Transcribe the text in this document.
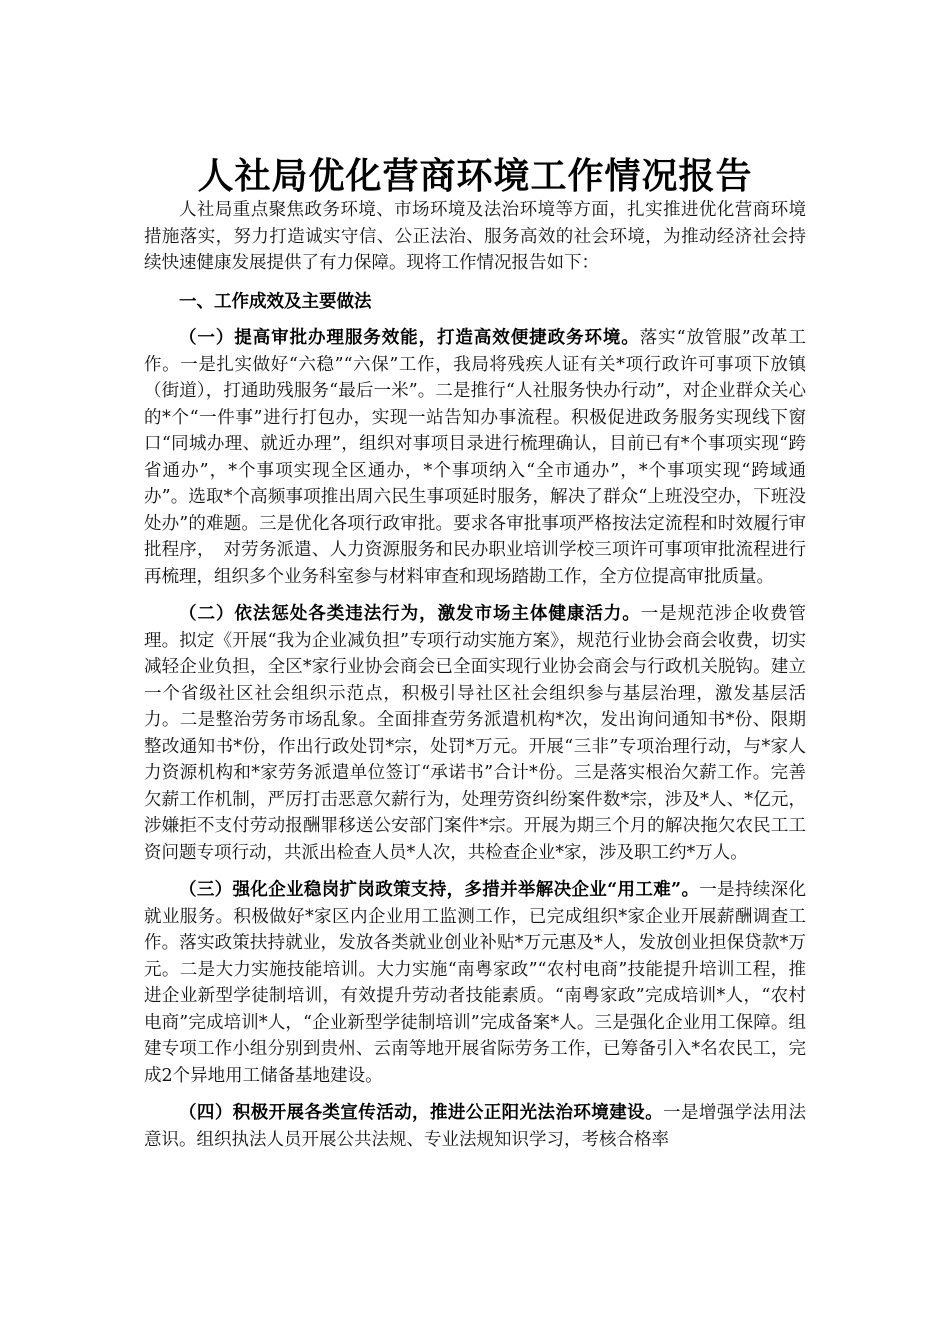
人社局优化营商环境工作情况报告

人社局重点聚焦政务环境、市场环境及法治环境等方面，扎实推进优化营商环境措施落实，努力打造诚实守信、公正法治、服务高效的社会环境，为推动经济社会持续快速健康发展提供了有力保障。现将工作情况报告如下：

一、工作成效及主要做法

（一）提高审批办理服务效能，打造高效便捷政务环境。落实“放管服”改革工作。一是扎实做好“六稳”“六保”工作，我局将残疾人证有关*项行政许可事项下放镇（街道），打通助残服务“最后一米”。二是推行“人社服务快办行动”，对企业群众关心的*个“一件事”进行打包办，实现一站告知办事流程。积极促进政务服务实现线下窗口“同城办理、就近办理”，组织对事项目录进行梳理确认，目前已有*个事项实现“跨省通办”，*个事项实现全区通办，*个事项纳入“全市通办”，*个事项实现“跨域通办”。选取*个高频事项推出周六民生事项延时服务，解决了群众“上班没空办，下班没处办”的难题。三是优化各项行政审批。要求各审批事项严格按法定流程和时效履行审批程序，　对劳务派遣、人力资源服务和民办职业培训学校三项许可事项审批流程进行再梳理，组织多个业务科室参与材料审查和现场踏勘工作，全方位提高审批质量。

（二）依法惩处各类违法行为，激发市场主体健康活力。一是规范涉企收费管理。拟定《开展“我为企业减负担”专项行动实施方案》，规范行业协会商会收费，切实减轻企业负担，全区*家行业协会商会已全面实现行业协会商会与行政机关脱钩。建立一个省级社区社会组织示范点，积极引导社区社会组织参与基层治理，激发基层活力。二是整治劳务市场乱象。全面排查劳务派遣机构*次，发出询问通知书*份、限期整改通知书*份，作出行政处罚*宗，处罚*万元。开展“三非”专项治理行动，与*家人力资源机构和*家劳务派遣单位签订“承诺书”合计*份。三是落实根治欠薪工作。完善欠薪工作机制，严厉打击恶意欠薪行为，处理劳资纠纷案件数*宗，涉及*人、*亿元，涉嫌拒不支付劳动报酬罪移送公安部门案件*宗。开展为期三个月的解决拖欠农民工工资问题专项行动，共派出检查人员*人次，共检查企业*家，涉及职工约*万人。

（三）强化企业稳岗扩岗政策支持，多措并举解决企业“用工难”。一是持续深化就业服务。积极做好*家区内企业用工监测工作，已完成组织*家企业开展薪酬调查工作。落实政策扶持就业，发放各类就业创业补贴*万元惠及*人，发放创业担保贷款*万元。二是大力实施技能培训。大力实施“南粤家政”“农村电商”技能提升培训工程，推进企业新型学徒制培训，有效提升劳动者技能素质。“南粤家政”完成培训*人，“农村电商”完成培训*人，“企业新型学徒制培训”完成备案*人。三是强化企业用工保障。组建专项工作小组分别到贵州、云南等地开展省际劳务工作，已筹备引入*名农民工，完成2个异地用工储备基地建设。

（四）积极开展各类宣传活动，推进公正阳光法治环境建设。一是增强学法用法意识。组织执法人员开展公共法规、专业法规知识学习，考核合格率
